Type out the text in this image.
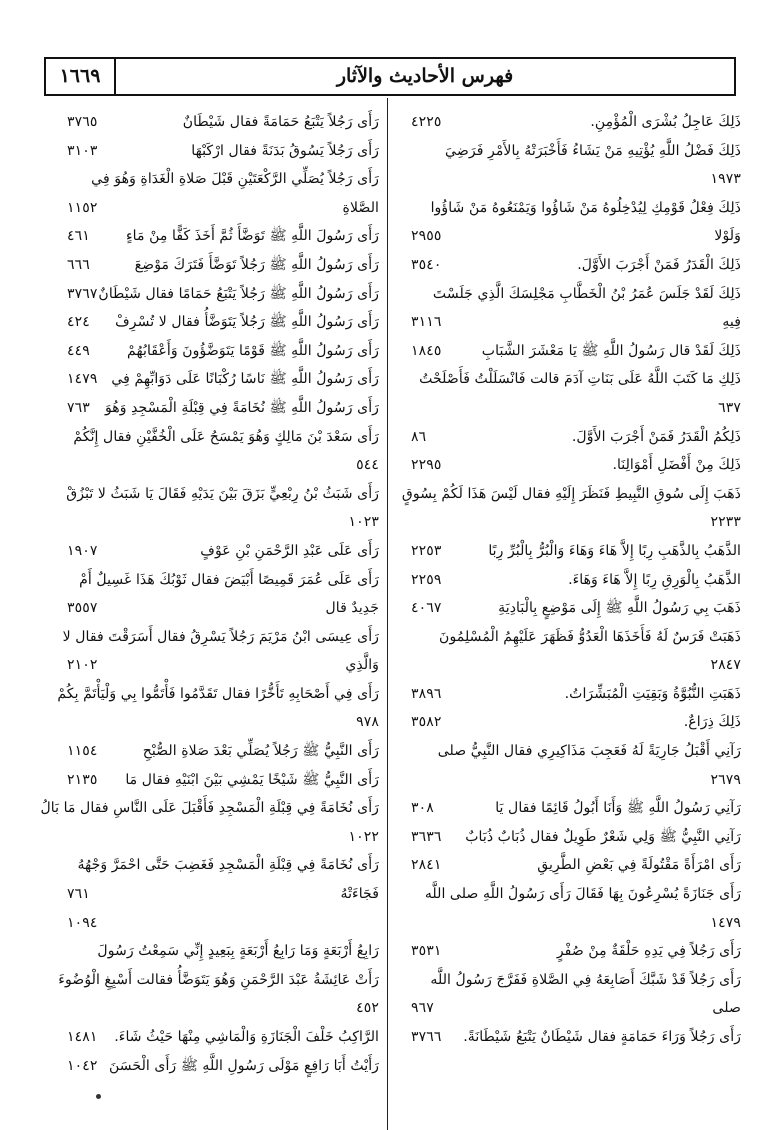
١٦٦٩	فهرس الأحاديث والآثار
٤٢٢٥	ذَلِكَ عَاجِلُ بُشْرَى الْمُؤْمِنِ.
ذَلِكَ فَضْلُ اللَّهِ يُؤْتِيهِ مَنْ يَشَاءُ فَأَخْبَرَتْهُ بِالأَمْرِ فَرَضِيَ
١٩٧٣
ذَلِكَ فِعْلُ قَوْمِكِ لِيُدْخِلُوهُ مَنْ شَاؤُوا وَيَمْنَعُوهُ مَنْ شَاؤُوا
٢٩٥٥	وَلَوْلا
٣٥٤٠	ذَلِكَ الْقَدَرُ فَمَنْ أَجْرَبَ الأَوَّلَ.
ذَلِكَ لَقَدْ جَلَسَ عُمَرُ بْنُ الْخَطَّابِ مَجْلِسَكَ الَّذِي جَلَسْتَ
٣١١٦	فِيهِ
١٨٤٥	ذَلِكَ لَقَدْ قال رَسُولُ اللَّهِ ﷺ يَا مَعْشَرَ الشَّبَابِ
ذَلِكِ مَا كَتَبَ اللَّهُ عَلَى بَنَاتِ آدَمَ قالت فَانْسَلَلْتُ فَأَصْلَحْتُ
٦٣٧
٨٦	ذَلِكُمُ الْقَدَرُ فَمَنْ أَجْرَبَ الأَوَّلَ.
٢٢٩٥	ذَلِكَ مِنْ أَفْضَلِ أَمْوَالِنَا.
ذَهَبَ إِلَى سُوقِ النَّبِيطِ فَنَظَرَ إِلَيْهِ فقال لَيْسَ هَذَا لَكُمْ بِسُوقٍ
٢٢٣٣
٢٢٥٣	الذَّهَبُ بِالذَّهَبِ رِبًا إِلاَّ هَاءَ وَهَاءَ وَالْبُرُّ بِالْبُرِّ رِبًا
٢٢٥٩	الذَّهَبُ بِالْوَرِقِ رِبًا إِلاَّ هَاءَ وَهَاءَ.
٤٠٦٧	ذَهَبَ بِي رَسُولُ اللَّهِ ﷺ إِلَى مَوْضِعٍ بِالْبَادِيَةِ
ذَهَبَتْ فَرَسٌ لَهُ فَأَخَذَهَا الْعَدُوُّ فَظَهَرَ عَلَيْهِمُ الْمُسْلِمُونَ
٢٨٤٧
٣٨٩٦	ذَهَبَتِ النُّبُوَّةُ وَبَقِيَتِ الْمُبَشِّرَاتُ.
٣٥٨٢	ذَلِكَ ذِرَاعٌ.
رَآنِي أَقْبَلُ جَارِيَةً لَهُ فَعَجِبَ مَذَاكِيرِي فقال النَّبِيُّ صلى
٢٦٧٩
٣٠٨	رَآنِي رَسُولُ اللَّهِ ﷺ وَأَنَا أَبُولُ قَائِمًا فقال يَا
٣٦٣٦ رَآنِي النَّبِيُّ ﷺ وَلِي شَعْرٌ طَوِيلٌ فقال ذُبَابٌ ذُبَابٌ
٢٨٤١	رَأَى امْرَأَةً مَقْتُولَةً فِي بَعْضِ الطَّرِيقِ
رَأَى جَنَازَةً يُسْرِعُونَ بِهَا فَقَالَ رَأَى رَسُولُ اللَّهِ صلى اللَّه
١٤٧٩
٣٥٣١	رَأَى رَجُلاً فِي يَدِهِ حَلْقَةٌ مِنْ صُفْرٍ
رَأَى رَجُلاً قَدْ شَبَّكَ أَصَابِعَهُ فِي الصَّلاةِ فَفَرَّجَ رَسُولُ اللَّه
٩٦٧	صلى
٣٧٦٦ رَأَى رَجُلاً وَرَاءَ حَمَامَةٍ فقال شَيْطَانٌ يَتْبَعُ شَيْطَانَةً.
٣٧٦٥	رَأَى رَجُلاً يَتْبَعُ حَمَامَةً فقال شَيْطَانٌ
٣١٠٣	رَأَى رَجُلاً يَسُوقُ بَدَنَةً فقال ارْكَبْهَا
رَأَى رَجُلاً يُصَلِّي الرَّكْعَتَيْنِ قَبْلَ صَلاةِ الْغَدَاةِ وَهُوَ فِي
١١٥٢	الصَّلاةِ
٤٦١	رَأَى رَسُولَ اللَّهِ ﷺ تَوَضَّأَ ثُمَّ أَخَذَ كَفًّا مِنْ مَاءٍ
٦٦٦	رَأَى رَسُولُ اللَّهِ ﷺ رَجُلاً تَوَضَّأَ فَتَرَكَ مَوْضِعَ
٣٧٦٧ رَأَى رَسُولُ اللَّهِ ﷺ رَجُلاً يَتْبَعُ حَمَامًا فقال شَيْطَانٌ
٤٢٤ رَأَى رَسُولُ اللَّهِ ﷺ رَجُلاً يَتَوَضَّأُ فقال لا تُسْرِفْ
٤٤٩	رَأَى رَسُولُ اللَّهِ ﷺ قَوْمًا يَتَوَضَّؤُونَ وَأَعْقَابُهُمْ
١٤٧٩ رَأَى رَسُولُ اللَّهِ ﷺ نَاسًا رُكْبَانًا عَلَى دَوَابِّهِمْ فِي
٧٦٣ رَأَى رَسُولُ اللَّهِ ﷺ نُخَامَةً فِي قِبْلَةِ الْمَسْجِدِ وَهُوَ
رَأَى سَعْدَ بْنَ مَالِكٍ وَهُوَ يَمْسَحُ عَلَى الْخُفَّيْنِ فقال إِنَّكُمْ
٥٤٤
رَأَى شَبَثُ بْنُ رِبْعِيٍّ بَزَقَ بَيْنَ يَدَيْهِ فَقَالَ يَا شَبَثُ لا تَبْزُقْ
١٠٢٣
١٩٠٧	رَأَى عَلَى عَبْدِ الرَّحْمَنِ بْنِ عَوْفٍ
رَأَى عَلَى عُمَرَ قَمِيصًا أَبْيَضَ فقال ثَوْبُكَ هَذَا غَسِيلٌ أَمْ
٣٥٥٧	جَدِيدٌ قال
رَأَى عِيسَى ابْنُ مَرْيَمَ رَجُلاً يَسْرِقُ فقال أَسَرَقْتَ فقال لا
٢١٠٢	وَالَّذِي
رَأَى فِي أَصْحَابِهِ تَأَخُّرًا فقال تَقَدَّمُوا فَأْتَمُّوا بِي وَلْيَأْتَمَّ بِكُمْ
٩٧٨
١١٥٤	رَأَى النَّبِيُّ ﷺ رَجُلاً يُصَلِّي بَعْدَ صَلاةِ الصُّبْحِ
٢١٣٥ رَأَى النَّبِيُّ ﷺ شَيْخًا يَمْشِي بَيْنَ ابْنَيْهِ فقال مَا
رَأَى نُخَامَةً فِي قِبْلَةِ الْمَسْجِدِ فَأَقْبَلَ عَلَى النَّاسِ فقال مَا بَالُ
١٠٢٢
رَأَى نُخَامَةً فِي قِبْلَةِ الْمَسْجِدِ فَغَضِبَ حَتَّى احْمَرَّ وَجْهُهُ
٧٦١	فَجَاءَتْهُ
١٠٩٤
رَابِعُ أَرْبَعَةٍ وَمَا رَابِعُ أَرْبَعَةٍ بِبَعِيدٍ إِنِّي سَمِعْتُ رَسُولَ
رَأَتْ عَائِشَةُ عَبْدَ الرَّحْمَنِ وَهُوَ يَتَوَضَّأُ فقالت أَسْبِغِ الْوُضُوءَ
٤٥٢
١٤٨١ الرَّاكِبُ خَلْفَ الْجَنَازَةِ وَالْمَاشِي مِنْهَا حَيْثُ شَاءَ.
١٠٤٢ رَأَيْتُ أَبَا رَافِعٍ مَوْلَى رَسُولِ اللَّهِ ﷺ رَأَى الْحَسَنَ
